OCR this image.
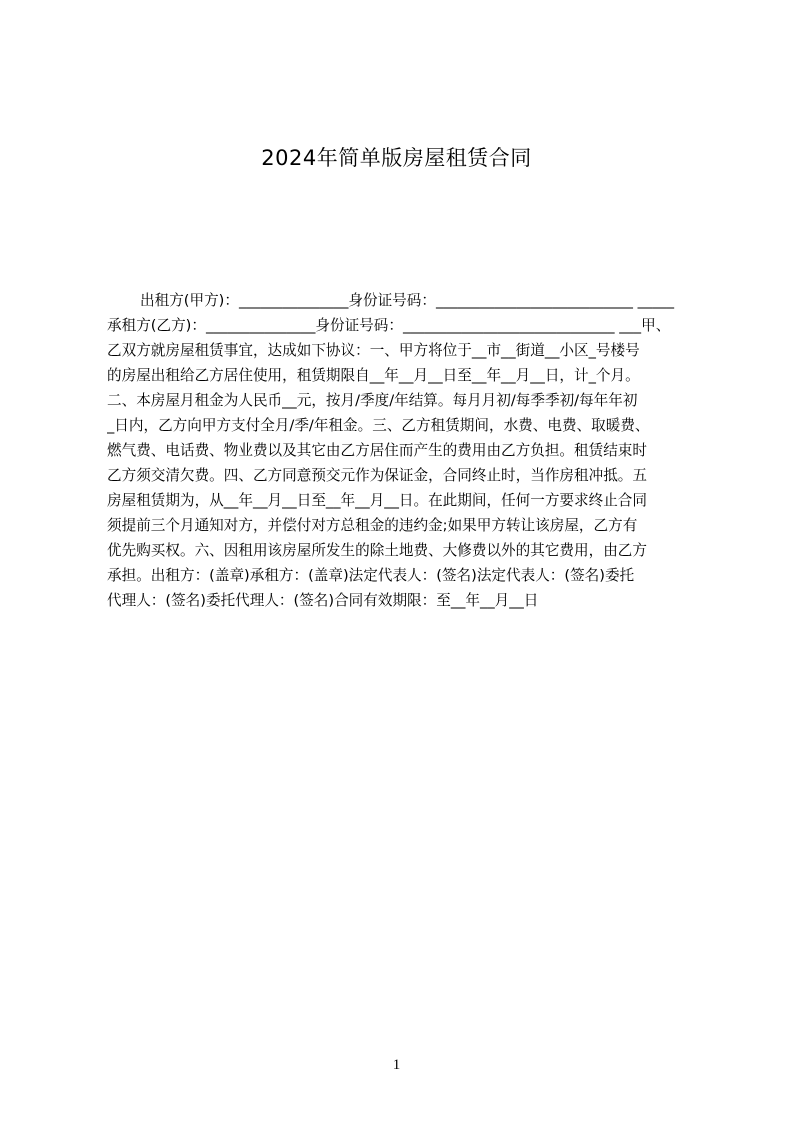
2024年简单版房屋租赁合同
出租方(甲方)：_______________身份证号码：___________________________ _____
承租方(乙方)：_______________身份证号码：_____________________________ ___甲、
乙双方就房屋租赁事宜，达成如下协议：一、甲方将位于__市__街道__小区_号楼号
的房屋出租给乙方居住使用，租赁期限自__年__月__日至__年__月__日，计_个月。
二、本房屋月租金为人民币__元，按月/季度/年结算。每月月初/每季季初/每年年初
_日内，乙方向甲方支付全月/季/年租金。三、乙方租赁期间，水费、电费、取暖费、
燃气费、电话费、物业费以及其它由乙方居住而产生的费用由乙方负担。租赁结束时
乙方须交清欠费。四、乙方同意预交元作为保证金，合同终止时，当作房租冲抵。五
房屋租赁期为，从__年__月__日至__年__月__日。在此期间，任何一方要求终止合同
须提前三个月通知对方，并偿付对方总租金的违约金;如果甲方转让该房屋，乙方有
优先购买权。六、因租用该房屋所发生的除土地费、大修费以外的其它费用，由乙方
承担。出租方：(盖章)承租方：(盖章)法定代表人：(签名)法定代表人：(签名)委托
代理人：(签名)委托代理人：(签名)合同有效期限：至__年__月__日
1
